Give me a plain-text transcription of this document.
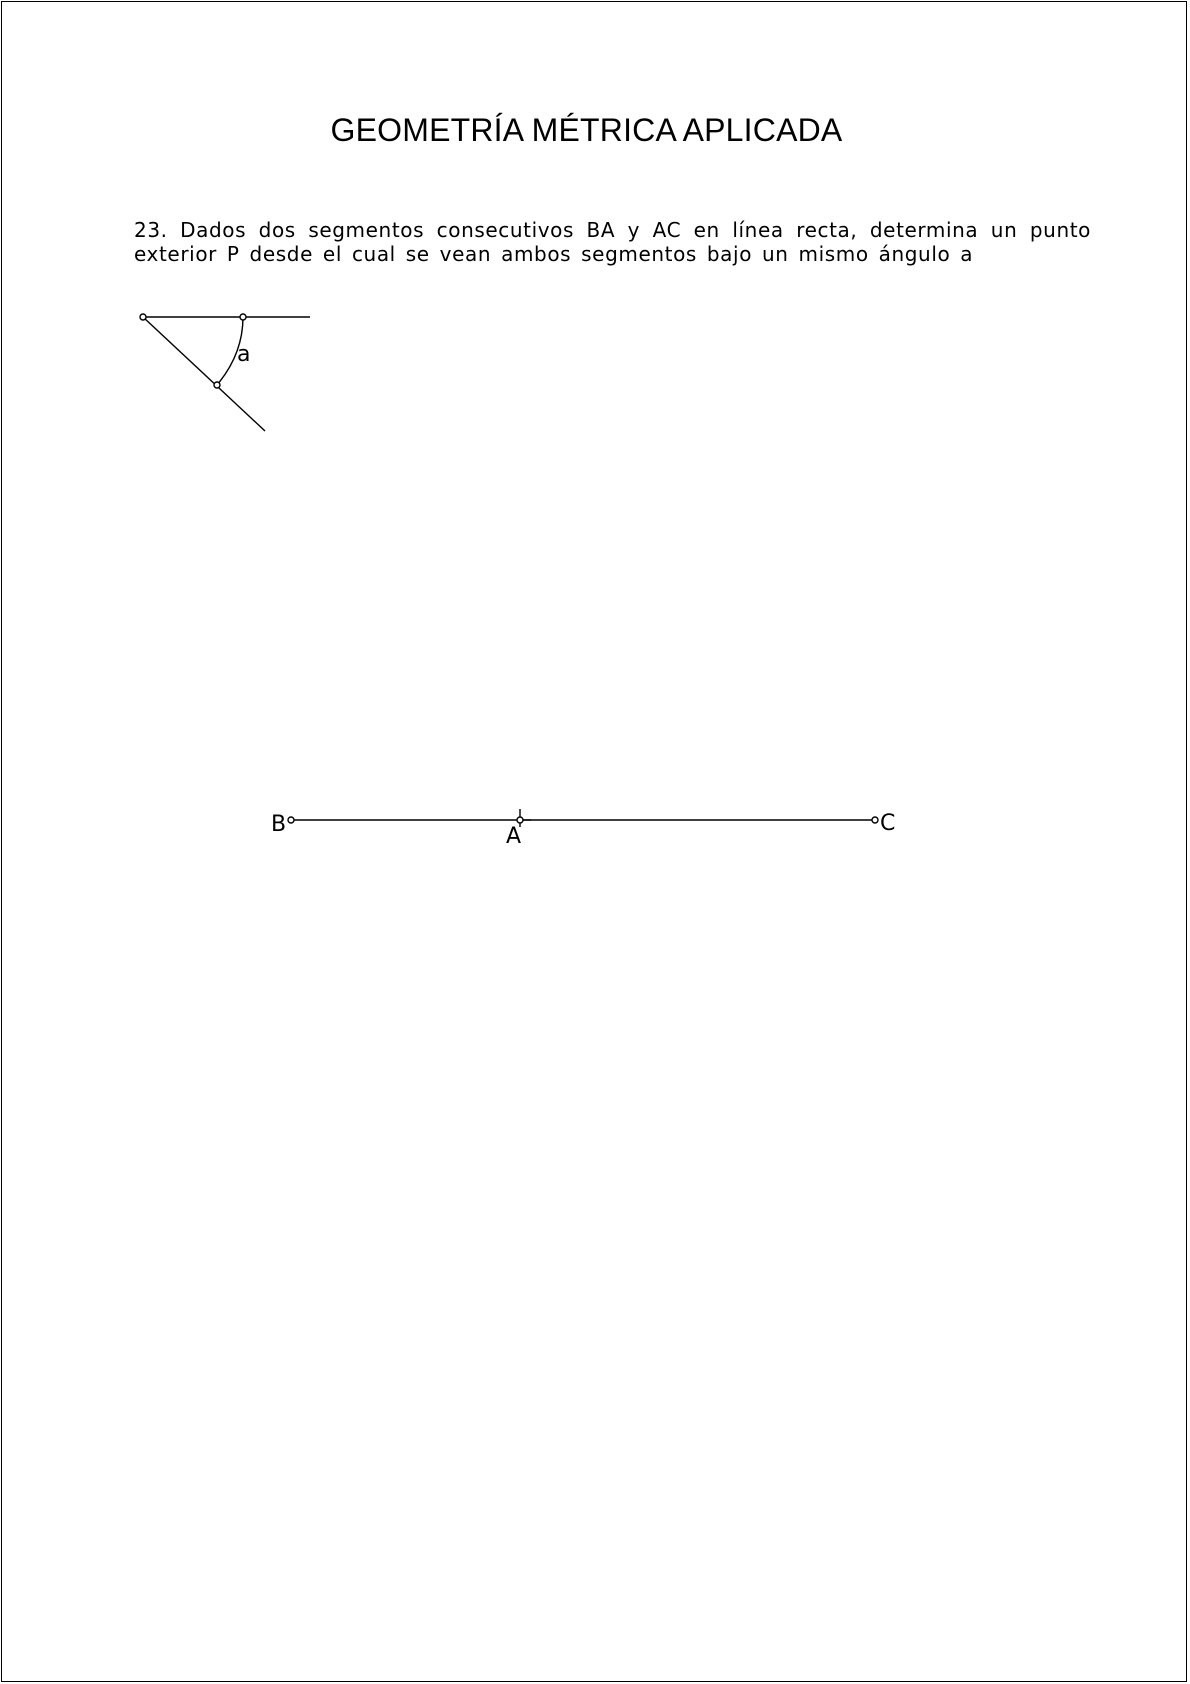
GEOMETRÍA MÉTRICA APLICADA

23. Dados dos segmentos consecutivos BA y AC en línea recta, determina un punto
exterior P desde el cual se vean ambos segmentos bajo un mismo ángulo a

a
B	A
C
